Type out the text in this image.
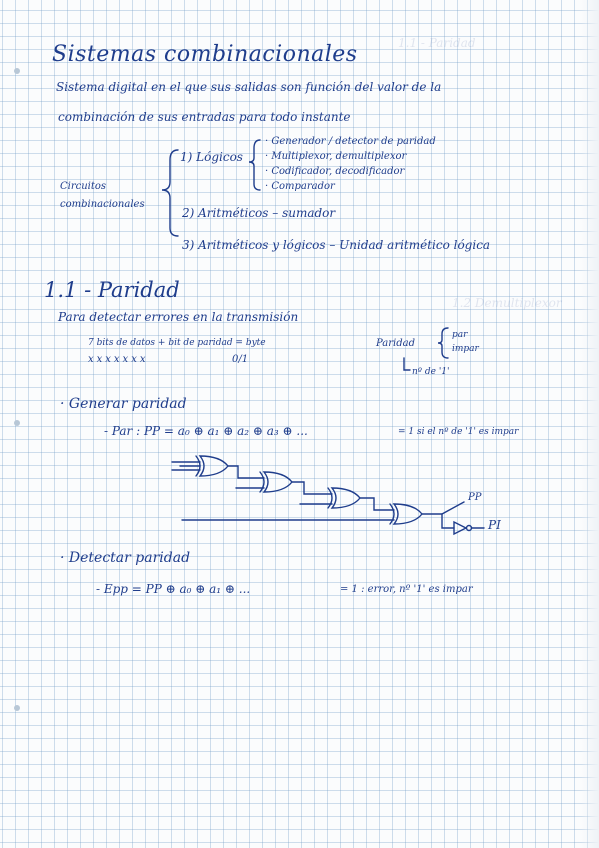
1.1 - Paridad
1.2 Demultiplexor
Sistemas combinacionales
Sistema digital en el que sus salidas son función del valor de la
combinación de sus entradas para todo instante
Circuitos combinacionales
1) Lógicos
· Generador / detector de paridad
· Multiplexor, demultiplexor
· Codificador, decodificador
· Comparador
2) Aritméticos – sumador
3) Aritméticos y lógicos – Unidad aritmético lógica
1.1 - Paridad
Para detectar errores en la transmisión
7 bits de datos + bit de paridad = byte
xxxxxxx	0/1
Paridad
par
impar
nº de '1'
· Generar paridad
- Par : PP = a₀ ⊕ a₁ ⊕ a₂ ⊕ a₃ ⊕ ...	= 1 si el nº de '1' es impar
PP
PI
· Detectar paridad
- Epp = PP ⊕ a₀ ⊕ a₁ ⊕ ...	= 1 : error, nº '1' es impar
